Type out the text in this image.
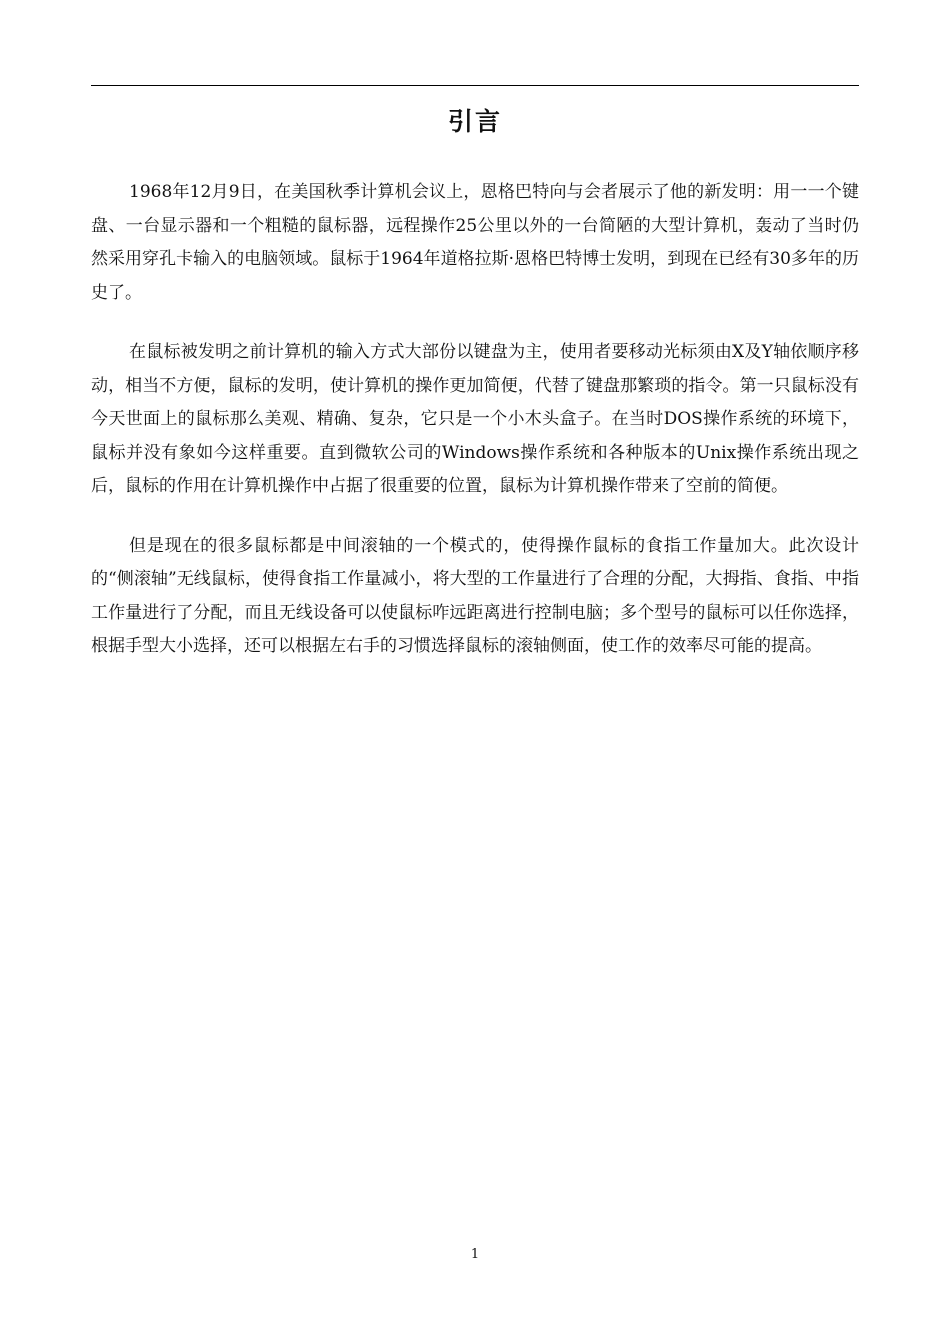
引言

1968年12月9日，在美国秋季计算机会议上，恩格巴特向与会者展示了他的新发明：用一一个键盘、一台显示器和一个粗糙的鼠标器，远程操作25公里以外的一台简陋的大型计算机，轰动了当时仍然采用穿孔卡输入的电脑领域。鼠标于1964年道格拉斯·恩格巴特博士发明，到现在已经有30多年的历史了。

在鼠标被发明之前计算机的输入方式大部份以键盘为主，使用者要移动光标须由X及Y轴依顺序移动，相当不方便，鼠标的发明，使计算机的操作更加简便，代替了键盘那繁琐的指令。第一只鼠标没有今天世面上的鼠标那么美观、精确、复杂，它只是一个小木头盒子。在当时DOS操作系统的环境下，鼠标并没有象如今这样重要。直到微软公司的Windows操作系统和各种版本的Unix操作系统出现之后，鼠标的作用在计算机操作中占据了很重要的位置，鼠标为计算机操作带来了空前的简便。

但是现在的很多鼠标都是中间滚轴的一个模式的，使得操作鼠标的食指工作量加大。此次设计的“侧滚轴”无线鼠标，使得食指工作量减小，将大型的工作量进行了合理的分配，大拇指、食指、中指工作量进行了分配，而且无线设备可以使鼠标咋远距离进行控制电脑；多个型号的鼠标可以任你选择，根据手型大小选择，还可以根据左右手的习惯选择鼠标的滚轴侧面，使工作的效率尽可能的提高。

1
